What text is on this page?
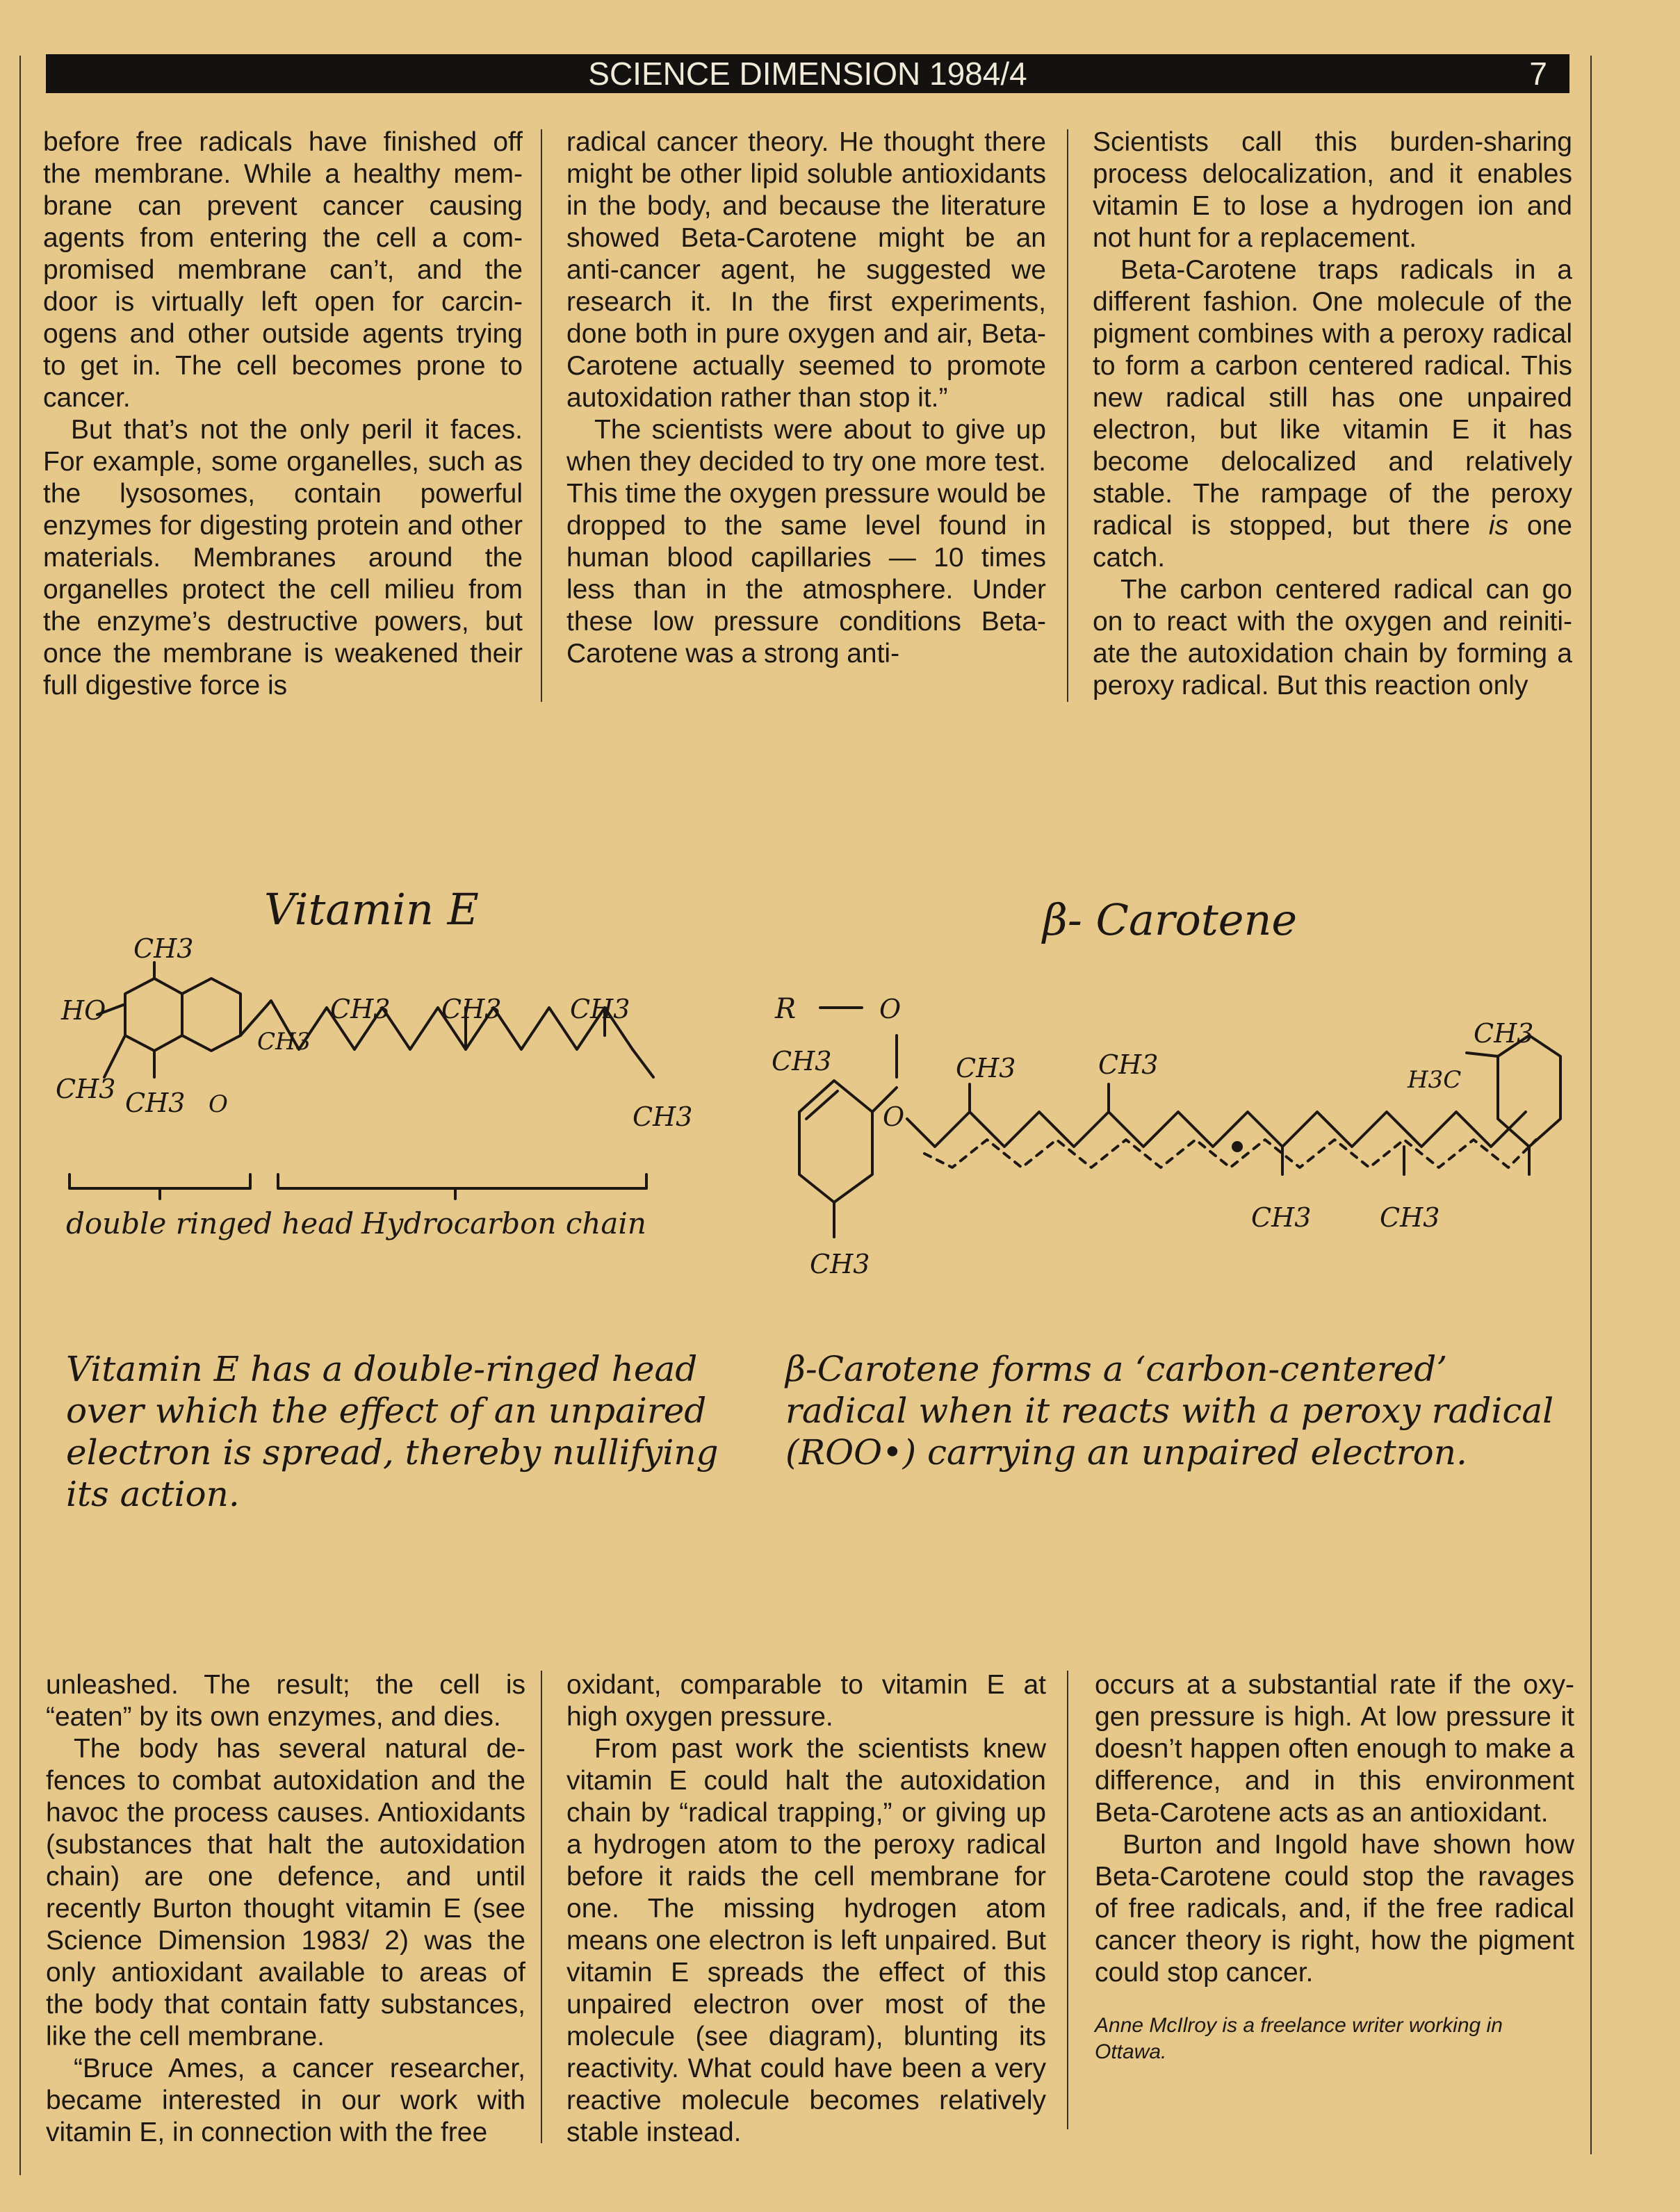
SCIENCE DIMENSION 1984/4	7

before free radicals have finished off the membrane. While a healthy membrane can prevent cancer causing agents from entering the cell a compromised membrane can’t, and the door is virtually left open for carcinogens and other outside agents trying to get in. The cell becomes prone to cancer.

But that’s not the only peril it faces. For example, some organelles, such as the lysosomes, contain powerful enzymes for digesting protein and other materials. Membranes around the organelles protect the cell milieu from the enzyme’s destructive powers, but once the membrane is weakened their full digestive force is

radical cancer theory. He thought there might be other lipid soluble antioxidants in the body, and because the literature showed Beta-Carotene might be an anti-cancer agent, he suggested we research it. In the first experiments, done both in pure oxygen and air, Beta-Carotene actually seemed to promote autoxidation rather than stop it.”

The scientists were about to give up when they decided to try one more test. This time the oxygen pressure would be dropped to the same level found in human blood capillaries — 10 times less than in the atmosphere. Under these low pressure conditions Beta-Carotene was a strong anti-

Scientists call this burden-sharing process delocalization, and it enables vitamin E to lose a hydrogen ion and not hunt for a replacement.

Beta-Carotene traps radicals in a different fashion. One molecule of the pigment combines with a peroxy radical to form a carbon centered radical. This new radical still has one unpaired electron, but like vitamin E it has become delocalized and relatively stable. The rampage of the peroxy radical is stopped, but there is one catch.

The carbon centered radical can go on to react with the oxygen and reinitiate the autoxidation chain by forming a peroxy radical. But this reaction only

Vitamin E	β- Carotene
CH3
HO
CH3 CH3 O
CH3
CH3 CH3	CH3
CH3
double ringed head Hydrocarbon chain
R	O
O
CH3	CH3	CH3
CH3
H3C
CH3
CH3	CH3
Vitamin E has a double-ringed head over which the effect of an unpaired electron is spread, thereby nullifying its action.
β-Carotene forms a ‘carbon-centered’ radical when it reacts with a peroxy radical (ROO•) carrying an unpaired electron.

unleashed. The result; the cell is “eaten” by its own enzymes, and dies.

The body has several natural defences to combat autoxidation and the havoc the process causes. Antioxidants (substances that halt the autoxidation chain) are one defence, and until recently Burton thought vitamin E (see Science Dimension 1983/ 2) was the only antioxidant available to areas of the body that contain fatty substances, like the cell membrane.

“Bruce Ames, a cancer researcher, became interested in our work with vitamin E, in connection with the free

oxidant, comparable to vitamin E at high oxygen pressure.

From past work the scientists knew vitamin E could halt the autoxidation chain by “radical trapping,” or giving up a hydrogen atom to the peroxy radical before it raids the cell membrane for one. The missing hydrogen atom means one electron is left unpaired. But vitamin E spreads the effect of this unpaired electron over most of the molecule (see diagram), blunting its reactivity. What could have been a very reactive molecule becomes relatively stable instead.

occurs at a substantial rate if the oxygen pressure is high. At low pressure it doesn’t happen often enough to make a difference, and in this environment Beta-Carotene acts as an antioxidant.

Burton and Ingold have shown how Beta-Carotene could stop the ravages of free radicals, and, if the free radical cancer theory is right, how the pigment could stop cancer.

Anne McIlroy is a freelance writer working in Ottawa.
